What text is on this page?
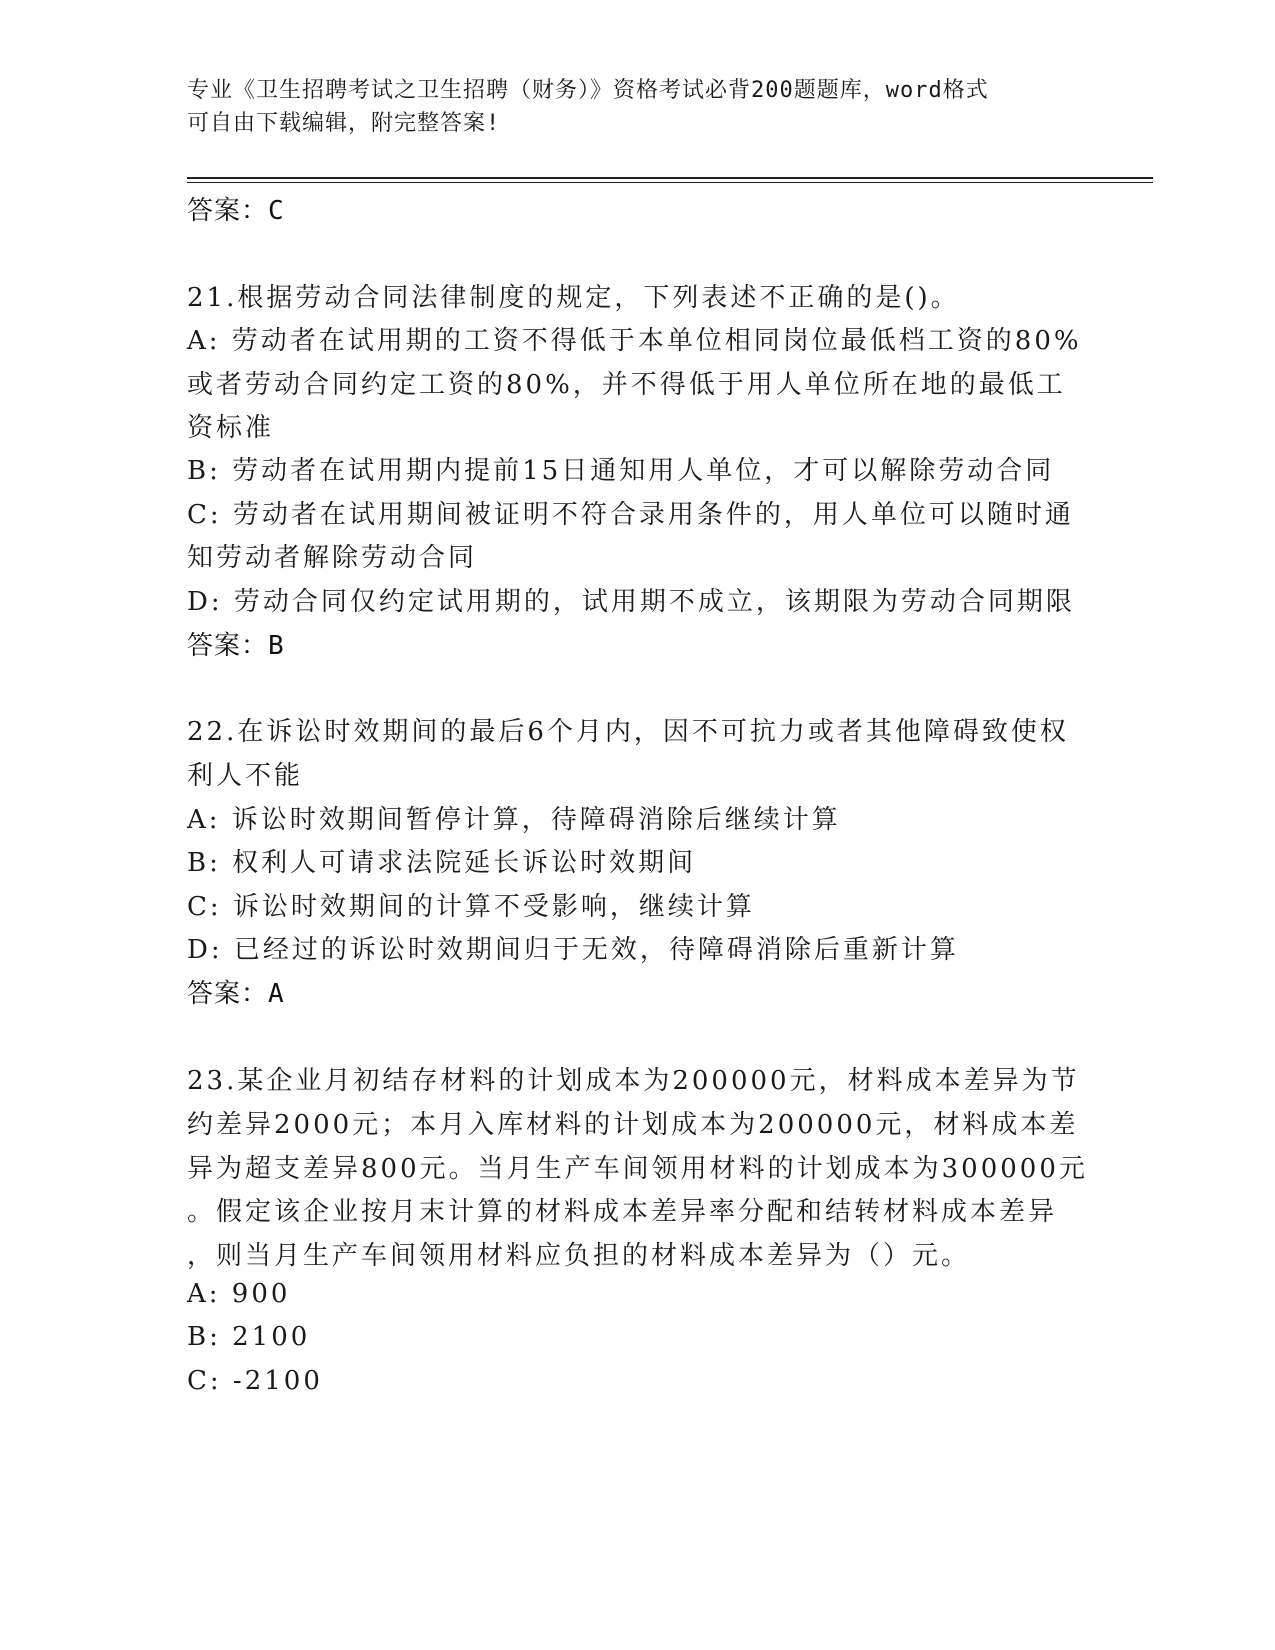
专业《卫生招聘考试之卫生招聘（财务）》资格考试必背200题题库，word格式
可自由下载编辑，附完整答案!
答案：C
21.根据劳动合同法律制度的规定，下列表述不正确的是()。
A: 劳动者在试用期的工资不得低于本单位相同岗位最低档工资的80%
或者劳动合同约定工资的80%，并不得低于用人单位所在地的最低工
资标准
B: 劳动者在试用期内提前15日通知用人单位，才可以解除劳动合同
C: 劳动者在试用期间被证明不符合录用条件的，用人单位可以随时通
知劳动者解除劳动合同
D: 劳动合同仅约定试用期的，试用期不成立，该期限为劳动合同期限
答案：B
22.在诉讼时效期间的最后6个月内，因不可抗力或者其他障碍致使权
利人不能
A: 诉讼时效期间暂停计算，待障碍消除后继续计算
B: 权利人可请求法院延长诉讼时效期间
C: 诉讼时效期间的计算不受影响，继续计算
D: 已经过的诉讼时效期间归于无效，待障碍消除后重新计算
答案：A
23.某企业月初结存材料的计划成本为200000元，材料成本差异为节
约差异2000元；本月入库材料的计划成本为200000元，材料成本差
异为超支差异800元。当月生产车间领用材料的计划成本为300000元
。假定该企业按月末计算的材料成本差异率分配和结转材料成本差异
，则当月生产车间领用材料应负担的材料成本差异为（）元。
A: 900
B: 2100
C: -2100
